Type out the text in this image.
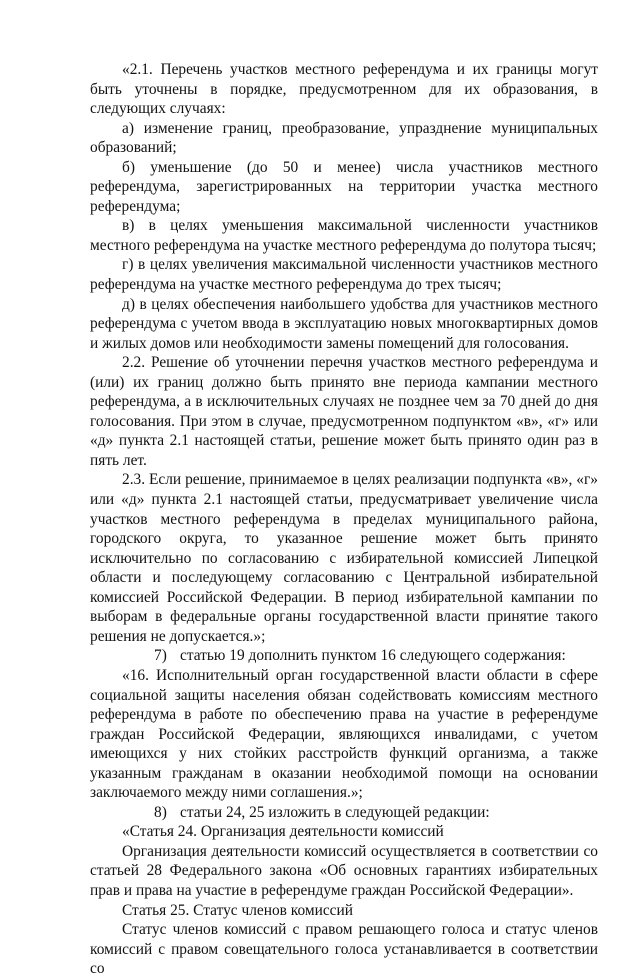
«2.1. Перечень участков местного референдума и их границы могут быть уточнены в порядке, предусмотренном для их образования, в следующих случаях:

а) изменение границ, преобразование, упразднение муниципальных образований;

б) уменьшение (до 50 и менее) числа участников местного референдума, зарегистрированных на территории участка местного референдума;

в) в целях уменьшения максимальной численности участников местного референдума на участке местного референдума до полутора тысяч;

г) в целях увеличения максимальной численности участников местного референдума на участке местного референдума до трех тысяч;

д) в целях обеспечения наибольшего удобства для участников местного референдума с учетом ввода в эксплуатацию новых многоквартирных домов и жилых домов или необходимости замены помещений для голосования.

2.2. Решение об уточнении перечня участков местного референдума и (или) их границ должно быть принято вне периода кампании местного референдума, а в исключительных случаях не позднее чем за 70 дней до дня голосования. При этом в случае, предусмотренном подпунктом «в», «г» или «д» пункта 2.1 настоящей статьи, решение может быть принято один раз в пять лет.

2.3. Если решение, принимаемое в целях реализации подпункта «в», «г» или «д» пункта 2.1 настоящей статьи, предусматривает увеличение числа участков местного референдума в пределах муниципального района, городского округа, то указанное решение может быть принято исключительно по согласованию с избирательной комиссией Липецкой области и последующему согласованию с Центральной избирательной комиссией Российской Федерации. В период избирательной кампании по выборам в федеральные органы государственной власти принятие такого решения не допускается.»;

7) статью 19 дополнить пунктом 16 следующего содержания:

«16. Исполнительный орган государственной власти области в сфере социальной защиты населения обязан содействовать комиссиям местного референдума в работе по обеспечению права на участие в референдуме граждан Российской Федерации, являющихся инвалидами, с учетом имеющихся у них стойких расстройств функций организма, а также указанным гражданам в оказании необходимой помощи на основании заключаемого между ними соглашения.»;

8) статьи 24, 25 изложить в следующей редакции:

«Статья 24. Организация деятельности комиссий

Организация деятельности комиссий осуществляется в соответствии со статьей 28 Федерального закона «Об основных гарантиях избирательных прав и права на участие в референдуме граждан Российской Федерации».

Статья 25. Статус членов комиссий

Статус членов комиссий с правом решающего голоса и статус членов комиссий с правом совещательного голоса устанавливается в соответствии со
